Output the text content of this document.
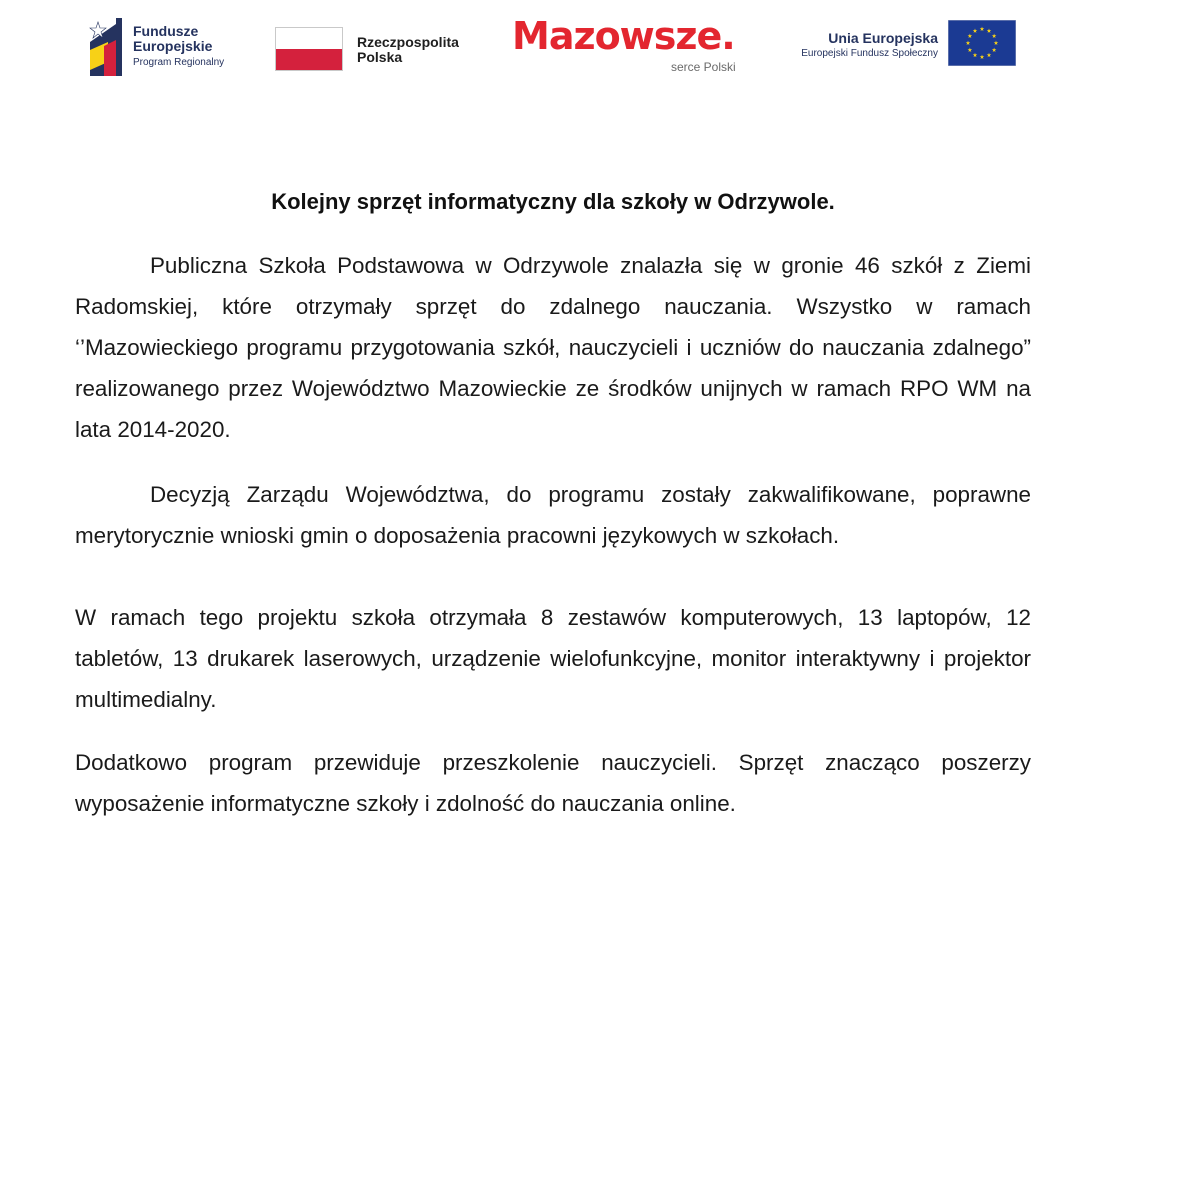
Fundusze
Europejskie
Program Regionalny
Rzeczpospolita
Polska	Mazowsze.
serce Polski
Unia Europejska
Europejski Fundusz Społeczny
Kolejny sprzęt informatyczny dla szkoły w Odrzywole.

Publiczna Szkoła Podstawowa w Odrzywole znalazła się w gronie 46 szkół z Ziemi Radomskiej, które otrzymały sprzęt do zdalnego nauczania. Wszystko w ramach ‘’Mazowieckiego programu przygotowania szkół, nauczycieli i uczniów do nauczania zdalnego” realizowanego przez Województwo Mazowieckie ze środków unijnych w ramach RPO WM na lata 2014-2020.

Decyzją Zarządu Województwa, do programu zostały zakwalifikowane, poprawne merytorycznie wnioski gmin o doposażenia pracowni językowych w szkołach.

W ramach tego projektu szkoła otrzymała 8 zestawów komputerowych, 13 laptopów, 12 tabletów, 13 drukarek laserowych, urządzenie wielofunkcyjne, monitor interaktywny i projektor multimedialny.

Dodatkowo program przewiduje przeszkolenie nauczycieli. Sprzęt znacząco poszerzy wyposażenie informatyczne szkoły i zdolność do nauczania online.
